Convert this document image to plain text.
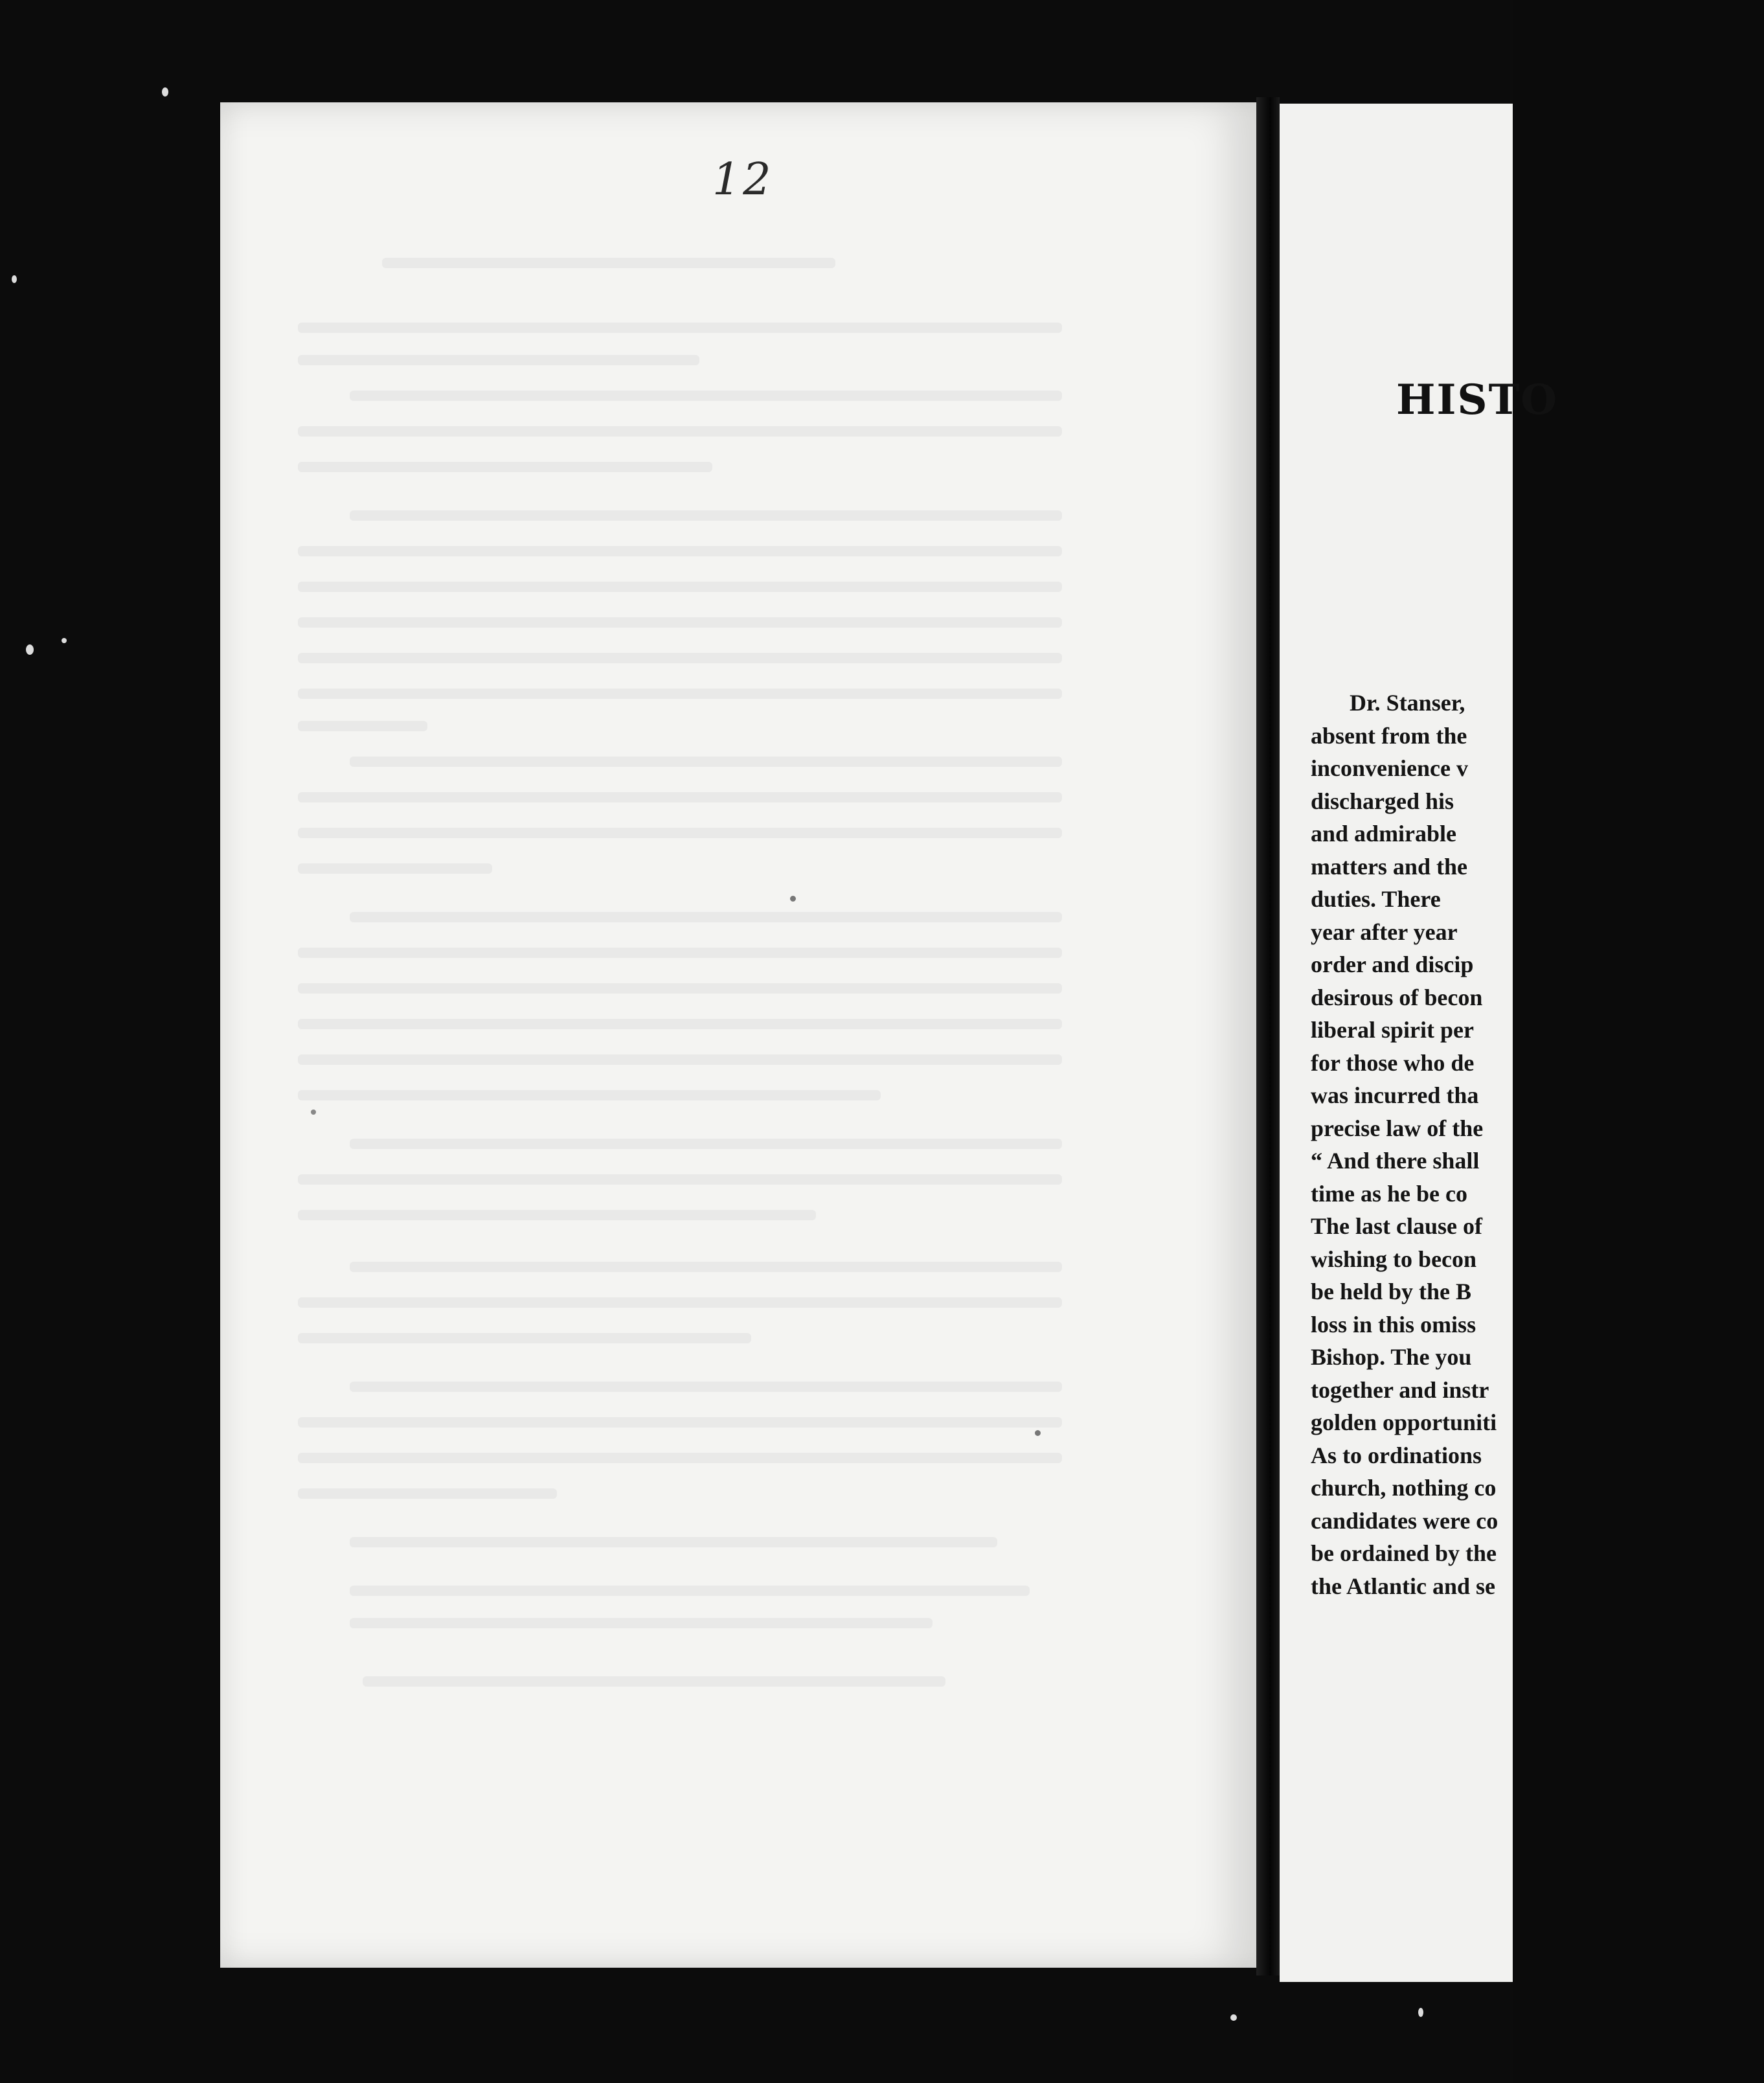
12
HISTO
Dr. Stanser,
absent from the
inconvenience v
discharged his
and admirable
matters and the
duties. There
year after year
order and discip
desirous of becon
liberal spirit per
for those who de
was incurred tha
precise law of the
“ And there shall
time as he be co
The last clause of
wishing to becon
be held by the B
loss in this omiss
Bishop. The you
together and instr
golden opportuniti
As to ordinations
church, nothing co
candidates were co
be ordained by the
the Atlantic and se
